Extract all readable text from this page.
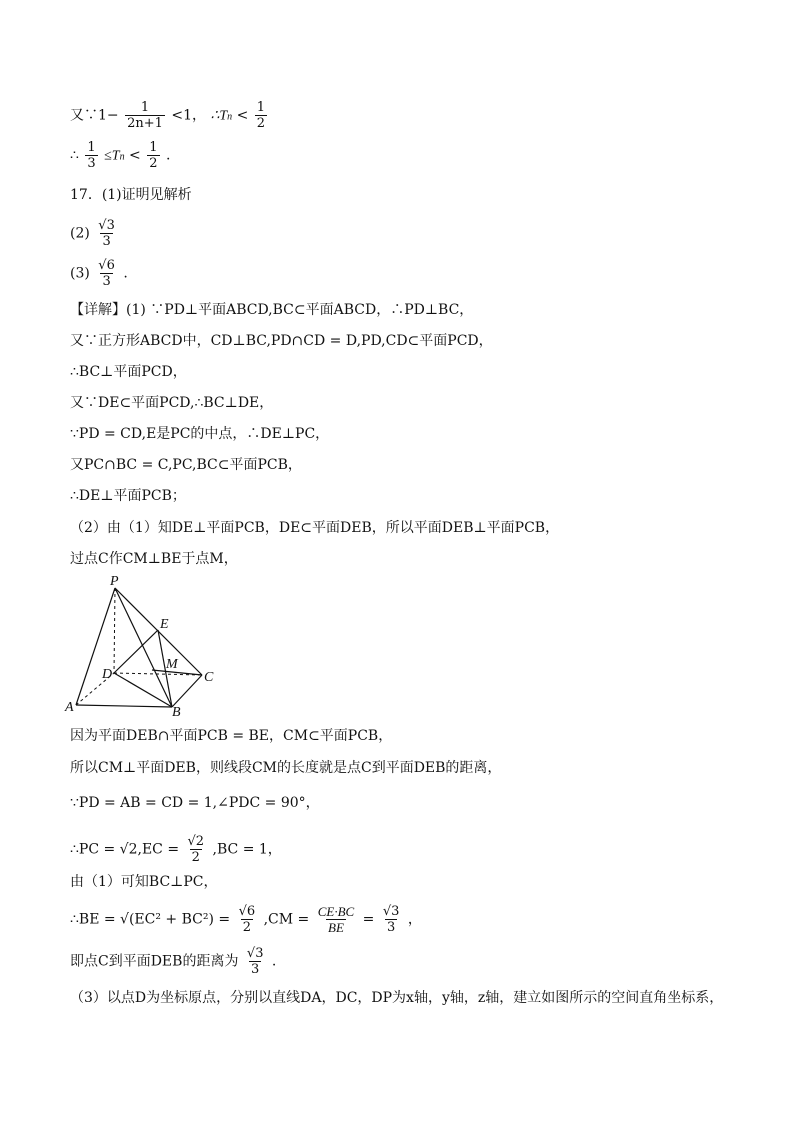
又∵1− $\frac{1}{2n+1} <1$， ∴Tn < $\frac{1}{2}$
∴ $\frac{1}{3} \le Tn < \frac{1}{2}$ .
17．(1)证明见解析
$(2) \frac{√3}{3}$
$(3) \frac{√6}{3}$ .
【详解】(1) ∵PD⊥平面ABCD,BC⊂平面ABCD，∴PD⊥BC，
又∵正方形ABCD中，CD⊥BC,PD∩CD = D,PD,CD⊂平面PCD，
∴BC⊥平面PCD，
又∵DE⊂平面PCD,∴BC⊥DE，
∵PD = CD,E是PC的中点，∴DE⊥PC，
又PC∩BC = C,PC,BC⊂平面PCB，
∴DE⊥平面PCB；
（2）由（1）知DE⊥平面PCB，DE⊂平面DEB，所以平面DEB⊥平面PCB，
过点C作CM⊥BE于点M，
P
E
M
D	C
A	B
因为平面DEB∩平面PCB = BE，CM⊂平面PCB，
所以CM⊥平面DEB，则线段CM的长度就是点C到平面DEB的距离，
∵PD = AB = CD = 1,∠PDC = 90°，
∴PC = $√2,EC = \frac{√2}{2} ,BC = 1$，
由（1）可知BC⊥PC，
∴BE = $√(EC^2 + BC^2) = \frac{√6}{2} ,CM = \frac{CE\cdot BC}{BE} = \frac{√3}{3}$ ，
即点C到平面DEB的距离为 $\frac{√3}{3}$ .
（3）以点D为坐标原点，分别以直线DA，DC，DP为x轴，y轴，z轴，建立如图所示的空间直角坐标系，
